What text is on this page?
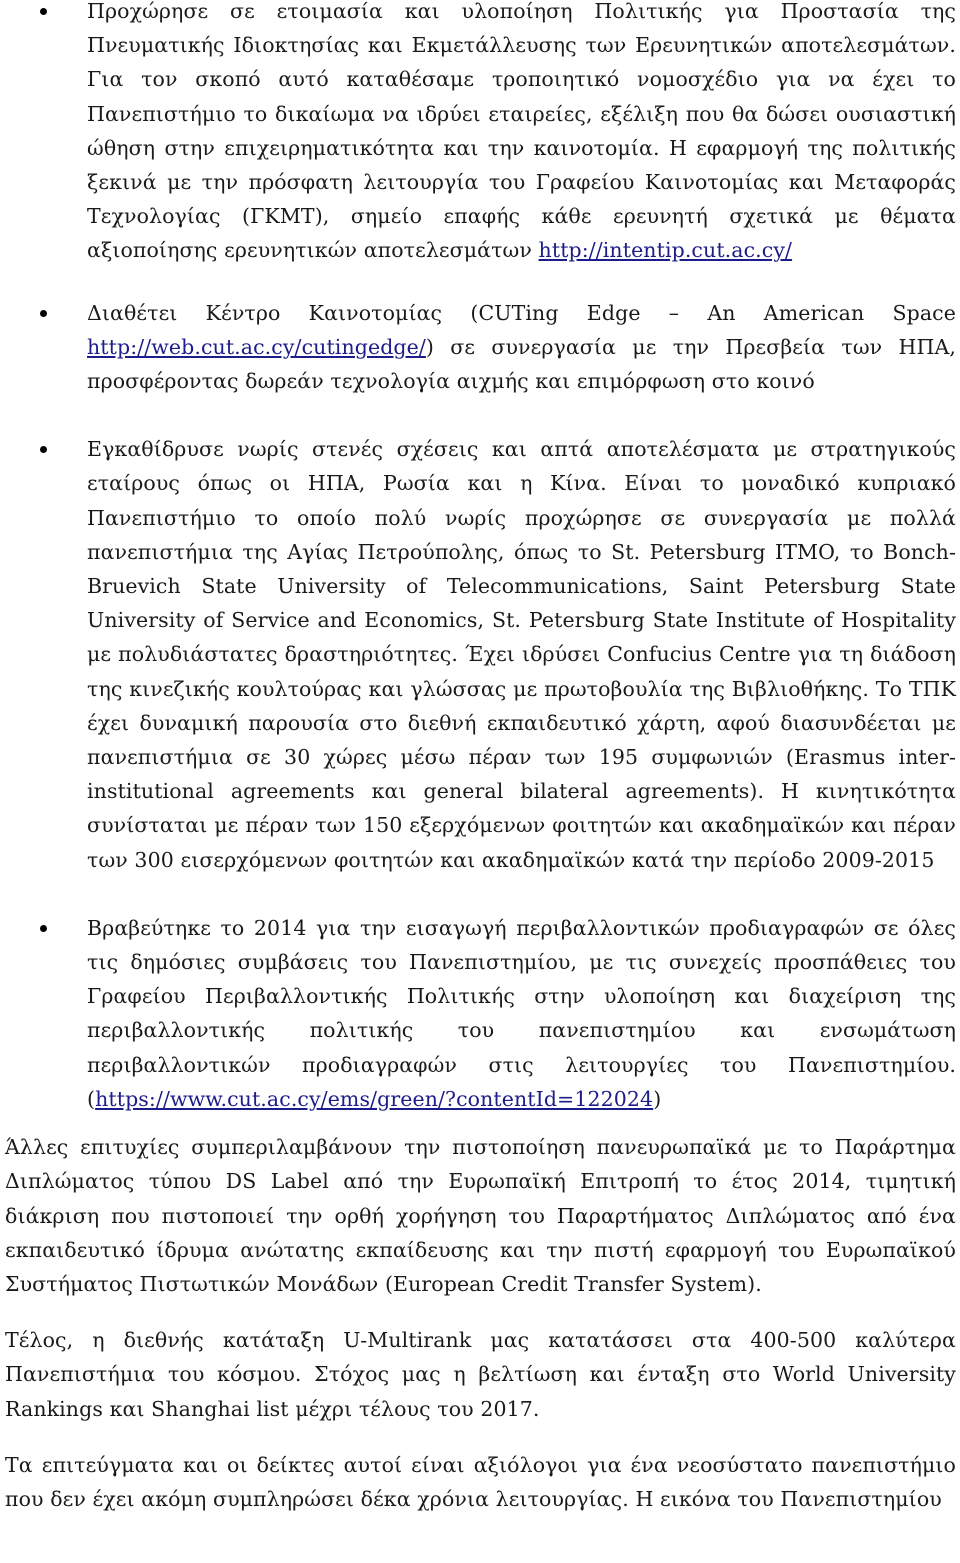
Προχώρησε σε ετοιμασία και υλοποίηση Πολιτικής για Προστασία της Πνευματικής Ιδιοκτησίας και Εκμετάλλευσης των Ερευνητικών αποτελεσμάτων. Για τον σκοπό αυτό καταθέσαμε τροποιητικό νομοσχέδιο για να έχει το Πανεπιστήμιο το δικαίωμα να ιδρύει εταιρείες, εξέλιξη που θα δώσει ουσιαστική ώθηση στην επιχειρηματικότητα και την καινοτομία. Η εφαρμογή της πολιτικής ξεκινά με την πρόσφατη λειτουργία του Γραφείου Καινοτομίας και Μεταφοράς Τεχνολογίας (ΓΚΜΤ), σημείο επαφής κάθε ερευνητή σχετικά με θέματα αξιοποίησης ερευνητικών αποτελεσμάτων http://intentip.cut.ac.cy/
Διαθέτει Κέντρο Καινοτομίας (CUTing Edge – An American Space http://web.cut.ac.cy/cutingedge/) σε συνεργασία με την Πρεσβεία των ΗΠΑ, προσφέροντας δωρεάν τεχνολογία αιχμής και επιμόρφωση στο κοινό
Εγκαθίδρυσε νωρίς στενές σχέσεις και απτά αποτελέσματα με στρατηγικούς εταίρους όπως οι ΗΠΑ, Ρωσία και η Κίνα. Είναι το μοναδικό κυπριακό Πανεπιστήμιο το οποίο πολύ νωρίς προχώρησε σε συνεργασία με πολλά πανεπιστήμια της Αγίας Πετρούπολης, όπως το St. Petersburg ITMO, το Bonch-Bruevich State University of Telecommunications, Saint Petersburg State University of Service and Economics, St. Petersburg State Institute of Hospitality με πολυδιάστατες δραστηριότητες. Έχει ιδρύσει Confucius Centre για τη διάδοση της κινεζικής κουλτούρας και γλώσσας με πρωτοβουλία της Βιβλιοθήκης. Το ΤΠΚ έχει δυναμική παρουσία στο διεθνή εκπαιδευτικό χάρτη, αφού διασυνδέεται με πανεπιστήμια σε 30 χώρες μέσω πέραν των 195 συμφωνιών (Erasmus inter-institutional agreements και general bilateral agreements). Η κινητικότητα συνίσταται με πέραν των 150 εξερχόμενων φοιτητών και ακαδημαϊκών και πέραν των 300 εισερχόμενων φοιτητών και ακαδημαϊκών κατά την περίοδο 2009-2015
Βραβεύτηκε το 2014 για την εισαγωγή περιβαλλοντικών προδιαγραφών σε όλες τις δημόσιες συμβάσεις του Πανεπιστημίου, με τις συνεχείς προσπάθειες του Γραφείου Περιβαλλοντικής Πολιτικής στην υλοποίηση και διαχείριση της περιβαλλοντικής πολιτικής του πανεπιστημίου και ενσωμάτωση περιβαλλοντικών προδιαγραφών στις λειτουργίες του Πανεπιστημίου. (https://www.cut.ac.cy/ems/green/?contentId=122024)

Άλλες επιτυχίες συμπεριλαμβάνουν την πιστοποίηση πανευρωπαϊκά με το Παράρτημα Διπλώματος τύπου DS Label από την Ευρωπαϊκή Επιτροπή το έτος 2014, τιμητική διάκριση που πιστοποιεί την ορθή χορήγηση του Παραρτήματος Διπλώματος από ένα εκπαιδευτικό ίδρυμα ανώτατης εκπαίδευσης και την πιστή εφαρμογή του Ευρωπαϊκού Συστήματος Πιστωτικών Μονάδων (European Credit Transfer System).

Τέλος, η διεθνής κατάταξη U-Multirank μας κατατάσσει στα 400-500 καλύτερα Πανεπιστήμια του κόσμου. Στόχος μας η βελτίωση και ένταξη στο World University Rankings και Shanghai list μέχρι τέλους του 2017.

Τα επιτεύγματα και οι δείκτες αυτοί είναι αξιόλογοι για ένα νεοσύστατο πανεπιστήμιο που δεν έχει ακόμη συμπληρώσει δέκα χρόνια λειτουργίας. Η εικόνα του Πανεπιστημίου
